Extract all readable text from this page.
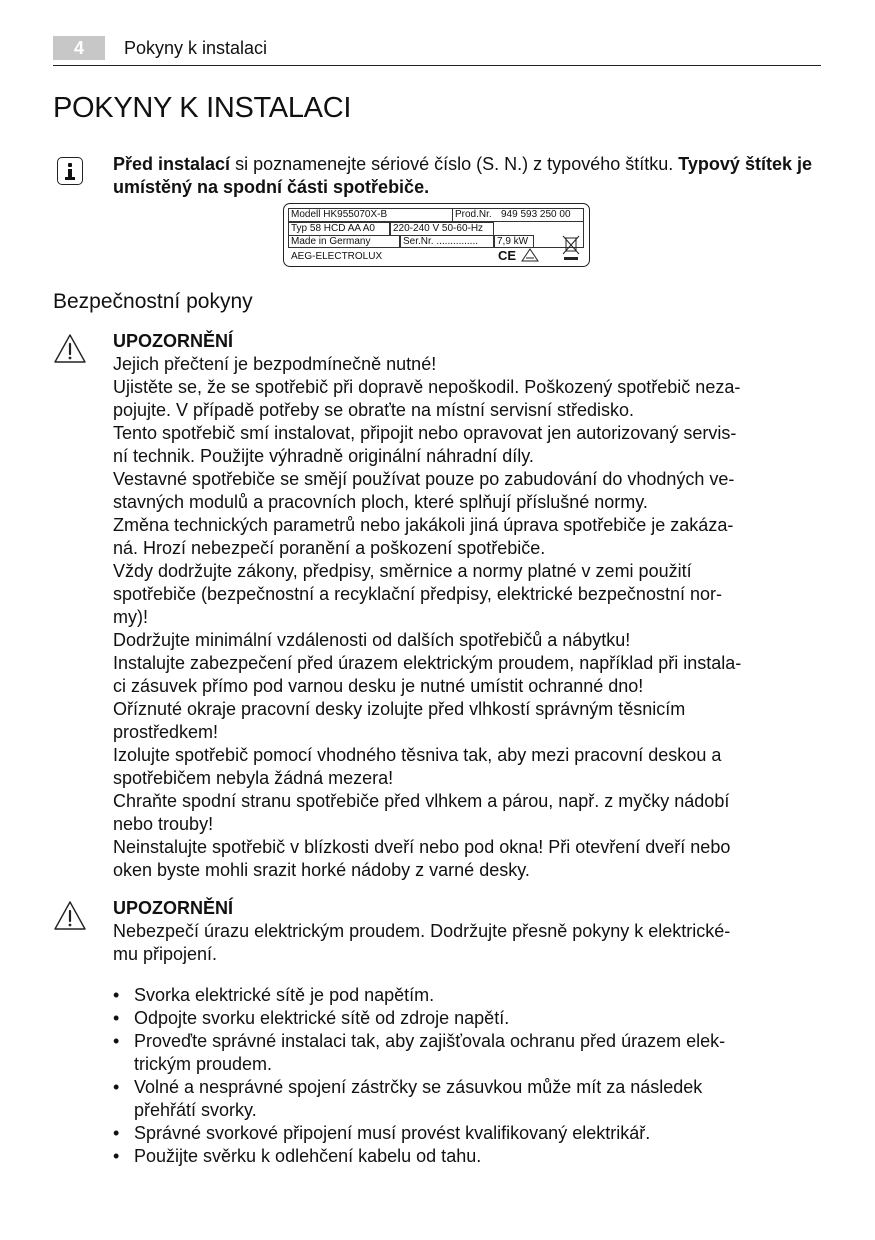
4	Pokyny k instalaci
POKYNY K INSTALACI
Před instalací si poznamenejte sériové číslo (S. N.) z typového štítku. Typový štítek je umístěný na spodní části spotřebiče.
Modell HK955070X-B	Prod.Nr. 949 593 250 00
Typ 58 HCD AA A0 220-240 V 50-60-Hz
Made in Germany	Ser.Nr. ............... 7,9 kW
AEG-ELECTROLUX	CE
Bezpečnostní pokyny
UPOZORNĚNÍ
Jejich přečtení je bezpodmínečně nutné!
Ujistěte se, že se spotřebič při dopravě nepoškodil. Poškozený spotřebič neza-
pojujte. V případě potřeby se obraťte na místní servisní středisko.
Tento spotřebič smí instalovat, připojit nebo opravovat jen autorizovaný servis-
ní technik. Použijte výhradně originální náhradní díly.
Vestavné spotřebiče se smějí používat pouze po zabudování do vhodných ve-
stavných modulů a pracovních ploch, které splňují příslušné normy.
Změna technických parametrů nebo jakákoli jiná úprava spotřebiče je zakáza-
ná. Hrozí nebezpečí poranění a poškození spotřebiče.
Vždy dodržujte zákony, předpisy, směrnice a normy platné v zemi použití
spotřebiče (bezpečnostní a recyklační předpisy, elektrické bezpečnostní nor-
my)!
Dodržujte minimální vzdálenosti od dalších spotřebičů a nábytku!
Instalujte zabezpečení před úrazem elektrickým proudem, například při instala-
ci zásuvek přímo pod varnou desku je nutné umístit ochranné dno!
Oříznuté okraje pracovní desky izolujte před vlhkostí správným těsnicím
prostředkem!
Izolujte spotřebič pomocí vhodného těsniva tak, aby mezi pracovní deskou a
spotřebičem nebyla žádná mezera!
Chraňte spodní stranu spotřebiče před vlhkem a párou, např. z myčky nádobí
nebo trouby!
Neinstalujte spotřebič v blízkosti dveří nebo pod okna! Při otevření dveří nebo
oken byste mohli srazit horké nádoby z varné desky.
UPOZORNĚNÍ
Nebezpečí úrazu elektrickým proudem. Dodržujte přesně pokyny k elektrické-
mu připojení.
• Svorka elektrické sítě je pod napětím.
• Odpojte svorku elektrické sítě od zdroje napětí.
• Proveďte správné instalaci tak, aby zajišťovala ochranu před úrazem elek-
trickým proudem.
• Volné a nesprávné spojení zástrčky se zásuvkou může mít za následek
přehřátí svorky.
• Správné svorkové připojení musí provést kvalifikovaný elektrikář.
• Použijte svěrku k odlehčení kabelu od tahu.
